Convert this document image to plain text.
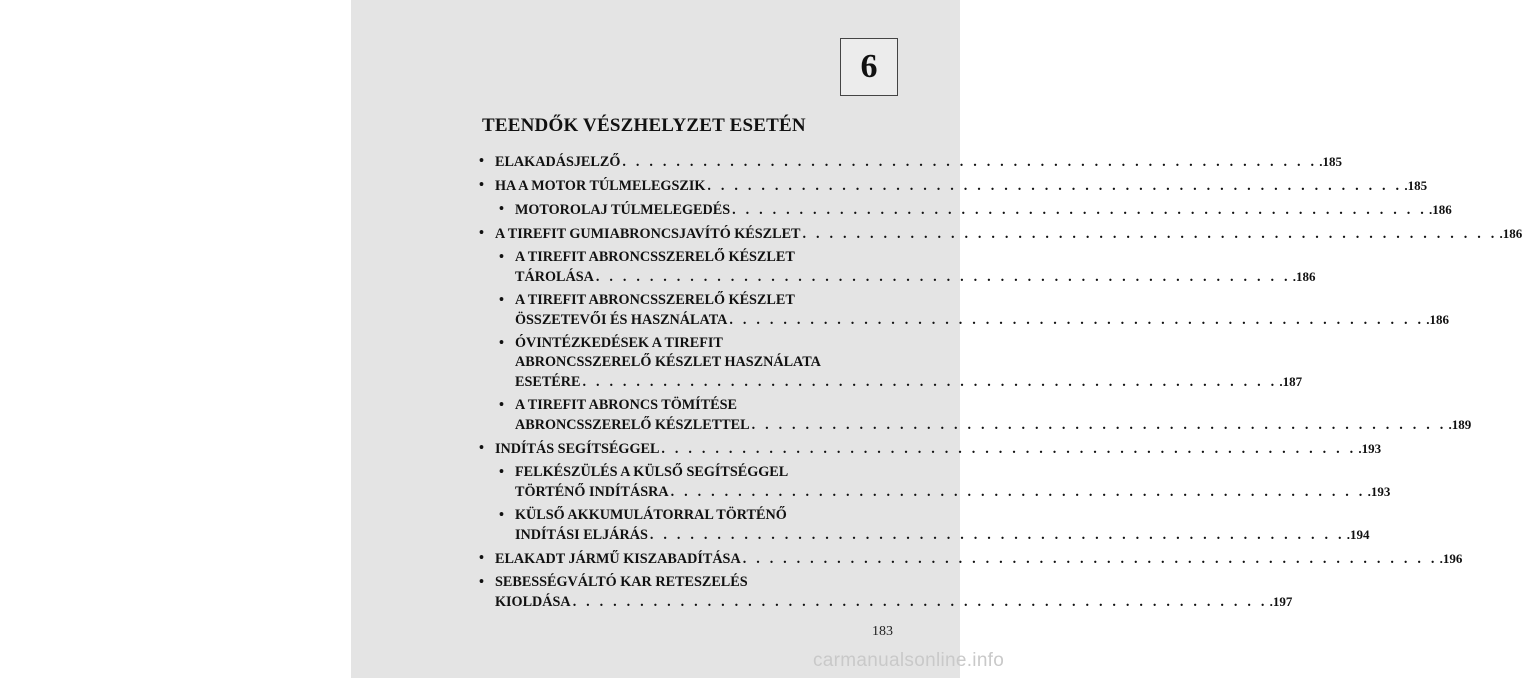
6
TEENDŐK VÉSZHELYZET ESETÉN
• ELAKADÁSJELZŐ . . . . . . . . . . . . . . . . . . . . . . . . . . . . . . . . . . . . . . . . . . . . . . . . . . . . .185
• HA A MOTOR TÚLMELEGSZIK . . . . . . . . . . . . . . . . . . . . . . . . . . . . . . . . . . . . . . . . . . . . . . . . . . . . .185
• MOTOROLAJ TÚLMELEGEDÉS . . . . . . . . . . . . . . . . . . . . . . . . . . . . . . . . . . . . . . . . . . . . . . . . . . . . .186
• A TIREFIT GUMIABRONCSJAVÍTÓ KÉSZLET . . . . . . . . . . . . . . . . . . . . . . . . . . . . . . . . . . . . . . . . . . . . . . . . . . . . .186
• A TIREFIT ABRONCSSZERELŐ KÉSZLET
TÁROLÁSA . . . . . . . . . . . . . . . . . . . . . . . . . . . . . . . . . . . . . . . . . . . . . . . . . . . . .186
• A TIREFIT ABRONCSSZERELŐ KÉSZLET
ÖSSZETEVŐI ÉS HASZNÁLATA . . . . . . . . . . . . . . . . . . . . . . . . . . . . . . . . . . . . . . . . . . . . . . . . . . . . .186
• ÓVINTÉZKEDÉSEK A TIREFIT
ABRONCSSZERELŐ KÉSZLET HASZNÁLATA
ESETÉRE . . . . . . . . . . . . . . . . . . . . . . . . . . . . . . . . . . . . . . . . . . . . . . . . . . . . .187
• A TIREFIT ABRONCS TÖMÍTÉSE
ABRONCSSZERELŐ KÉSZLETTEL . . . . . . . . . . . . . . . . . . . . . . . . . . . . . . . . . . . . . . . . . . . . . . . . . . . . .189
• INDÍTÁS SEGÍTSÉGGEL . . . . . . . . . . . . . . . . . . . . . . . . . . . . . . . . . . . . . . . . . . . . . . . . . . . . .193
• FELKÉSZÜLÉS A KÜLSŐ SEGÍTSÉGGEL
TÖRTÉNŐ INDÍTÁSRA . . . . . . . . . . . . . . . . . . . . . . . . . . . . . . . . . . . . . . . . . . . . . . . . . . . . .193
• KÜLSŐ AKKUMULÁTORRAL TÖRTÉNŐ
INDÍTÁSI ELJÁRÁS . . . . . . . . . . . . . . . . . . . . . . . . . . . . . . . . . . . . . . . . . . . . . . . . . . . . .194
• ELAKADT JÁRMŰ KISZABADÍTÁSA . . . . . . . . . . . . . . . . . . . . . . . . . . . . . . . . . . . . . . . . . . . . . . . . . . . . .196
• SEBESSÉGVÁLTÓ KAR RETESZELÉS
KIOLDÁSA . . . . . . . . . . . . . . . . . . . . . . . . . . . . . . . . . . . . . . . . . . . . . . . . . . . . .197
183
carmanualsonline.info
